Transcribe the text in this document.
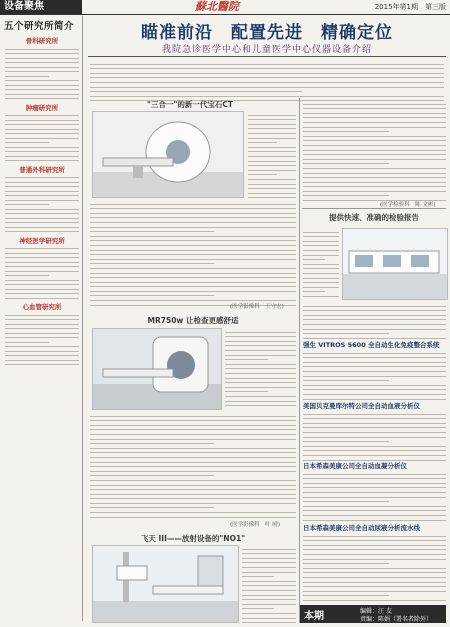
设备聚焦	蘇北醫院	2015年第1期　第三版
五个研究所简介
骨科研究所
肿瘤研究所
普通外科研究所
神经医学研究所
心血管研究所
瞄准前沿　配置先进　精确定位
我院急诊医学中心和儿童医学中心仪器设备介绍
"三合一"的新一代宝石CT
(医学影像科　王守宏)
MR750w 让检查更感舒适
(医学影像科　叶 晴)
飞天 III——放射设备的"NO1"
(医学检验科　陈 文彬)
提供快速、准确的检验报告
强生 VITROS 5600 全自动生化免疫整合系统
美国贝克曼库尔特公司全自动血液分析仪
日本希森美康公司全自动血凝分析仪
日本希森美康公司全自动尿液分析流水线
本期	编辑：汪 友
责编：陈娟（署名者除外）
